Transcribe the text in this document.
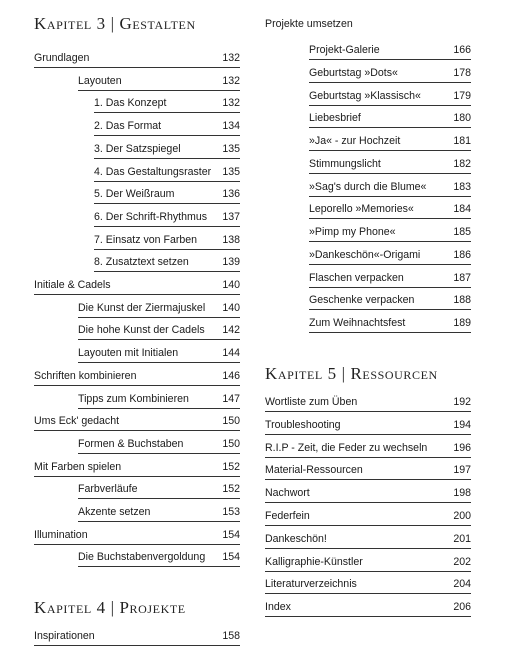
Kapitel 3 | Gestalten
Grundlagen	132
Layouten	132
1. Das Konzept	132
2. Das Format	134
3. Der Satzspiegel	135
4. Das Gestaltungsraster 135
5. Der Weißraum	136
6. Der Schrift-Rhythmus 137
7. Einsatz von Farben 138
8. Zusatztext setzen	139
Initiale & Cadels	140
Die Kunst der Ziermajuskel 140
Die hohe Kunst der Cadels 142
Layouten mit Initialen	144
Schriften kombinieren	146
Tipps zum Kombinieren	147
Ums Eck' gedacht	150
Formen & Buchstaben	150
Mit Farben spielen	152
Farbverläufe	152
Akzente setzen	153
Illumination	154
Die Buchstabenvergoldung 154
Kapitel 4 | Projekte
Inspirationen	158
Projekte umsetzen
Projekt-Galerie	166
Geburtstag »Dots«	178
Geburtstag »Klassisch«	179
Liebesbrief	180
»Ja« - zur Hochzeit	181
Stimmungslicht	182
»Sag's durch die Blume«	183
Leporello »Memories«	184
»Pimp my Phone«	185
»Dankeschön«-Origami	186
Flaschen verpacken	187
Geschenke verpacken	188
Zum Weihnachtsfest	189
Kapitel 5 | Ressourcen
Wortliste zum Üben	192
Troubleshooting	194
R.I.P - Zeit, die Feder zu wechseln 196
Material-Ressourcen	197
Nachwort	198
Federfein	200
Dankeschön!	201
Kalligraphie-Künstler	202
Literaturverzeichnis	204
Index	206
